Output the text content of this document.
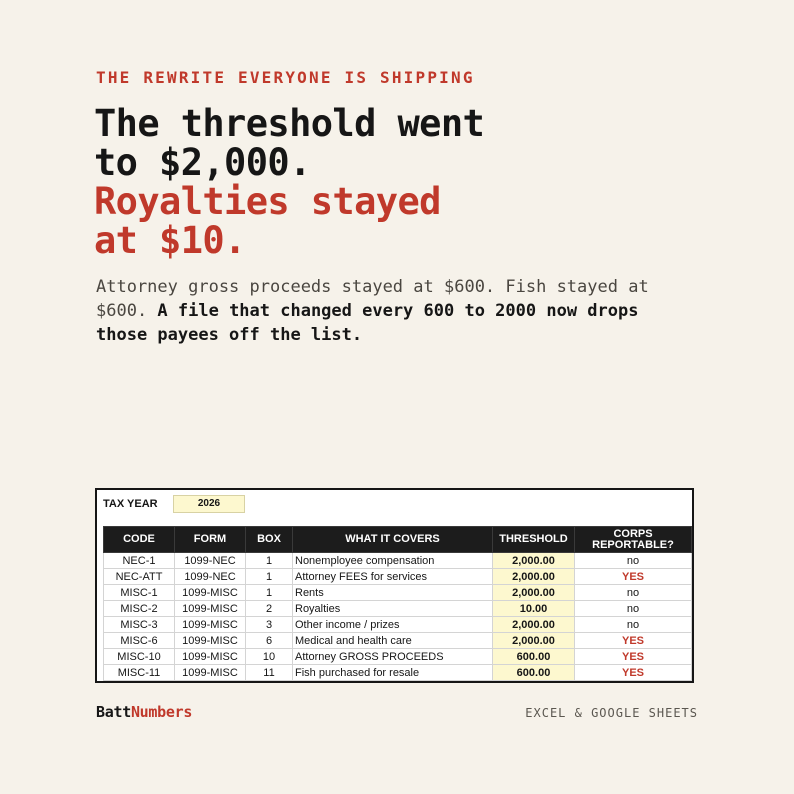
THE REWRITE EVERYONE IS SHIPPING
The threshold went
to $2,000.
Royalties stayed
at $10.
Attorney gross proceeds stayed at $600. Fish stayed at $600. A file that changed every 600 to 2000 now drops those payees off the list.
TAX YEAR	2026
CODE	FORM	BOX	WHAT IT COVERS	THRESHOLD	CORPS REPORTABLE?
NEC-1	1099-NEC	1	Nonemployee compensation	2,000.00	no
NEC-ATT	1099-NEC	1	Attorney FEES for services	2,000.00	YES
MISC-1	1099-MISC	1	Rents	2,000.00	no
MISC-2	1099-MISC	2	Royalties	10.00	no
MISC-3	1099-MISC	3	Other income / prizes	2,000.00	no
MISC-6	1099-MISC	6	Medical and health care	2,000.00	YES
MISC-10	1099-MISC	10	Attorney GROSS PROCEEDS	600.00	YES
MISC-11	1099-MISC	11	Fish purchased for resale	600.00	YES
BattNumbers	EXCEL & GOOGLE SHEETS
